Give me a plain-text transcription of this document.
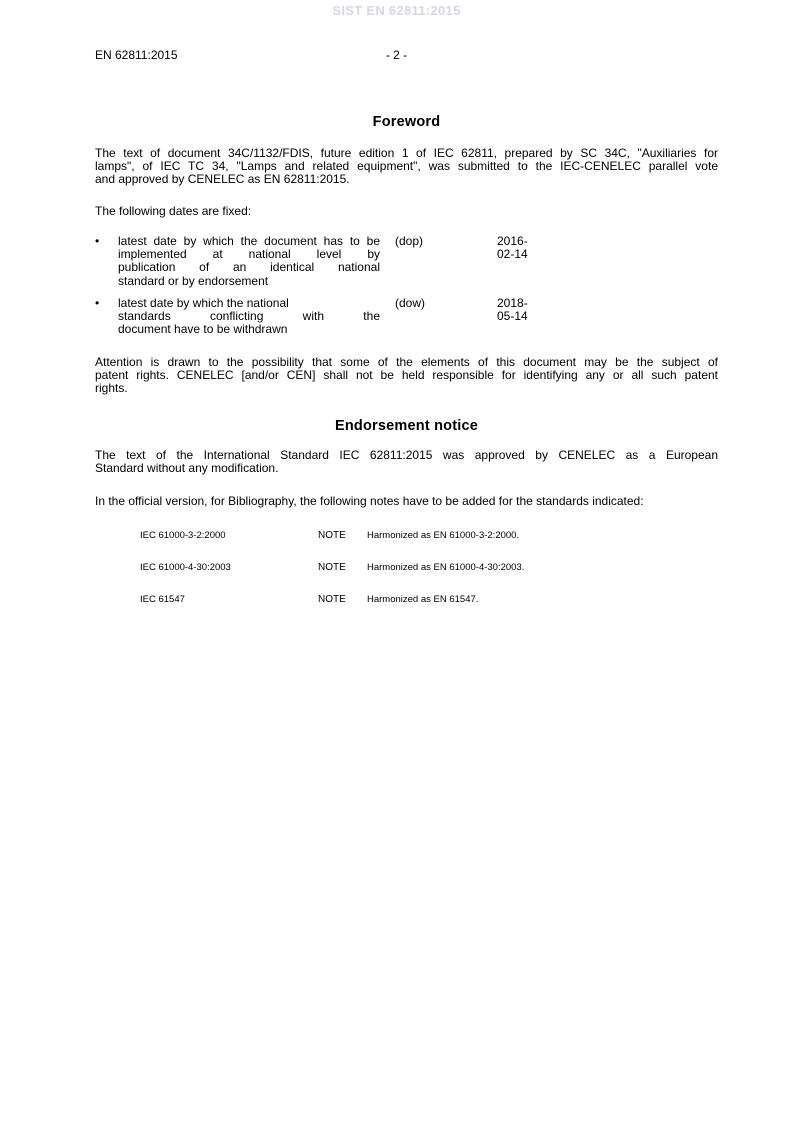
SIST EN 62811:2015
EN 62811:2015	- 2 -
Foreword
The text of document 34C/1132/FDIS, future edition 1 of IEC 62811, prepared by SC 34C, "Auxiliaries for
lamps", of IEC TC 34, "Lamps and related equipment", was submitted to the IEC-CENELEC parallel vote
and approved by CENELEC as EN 62811:2015.
The following dates are fixed:
•	latest date by which the document has to be
implemented at national level by
publication of an identical national
standard or by endorsement
(dop)	2016-02-14
•	latest date by which the national
standards conflicting with the
document have to be withdrawn
(dow)	2018-05-14
Attention is drawn to the possibility that some of the elements of this document may be the subject of
patent rights. CENELEC [and/or CEN] shall not be held responsible for identifying any or all such patent
rights.
Endorsement notice
The text of the International Standard IEC 62811:2015 was approved by CENELEC as a European
Standard without any modification.
In the official version, for Bibliography, the following notes have to be added for the standards indicated:
IEC 61000-3-2:2000	NOTE Harmonized as EN 61000-3-2:2000.
IEC 61000-4-30:2003	NOTE Harmonized as EN 61000-4-30:2003.
IEC 61547	NOTE Harmonized as EN 61547.
